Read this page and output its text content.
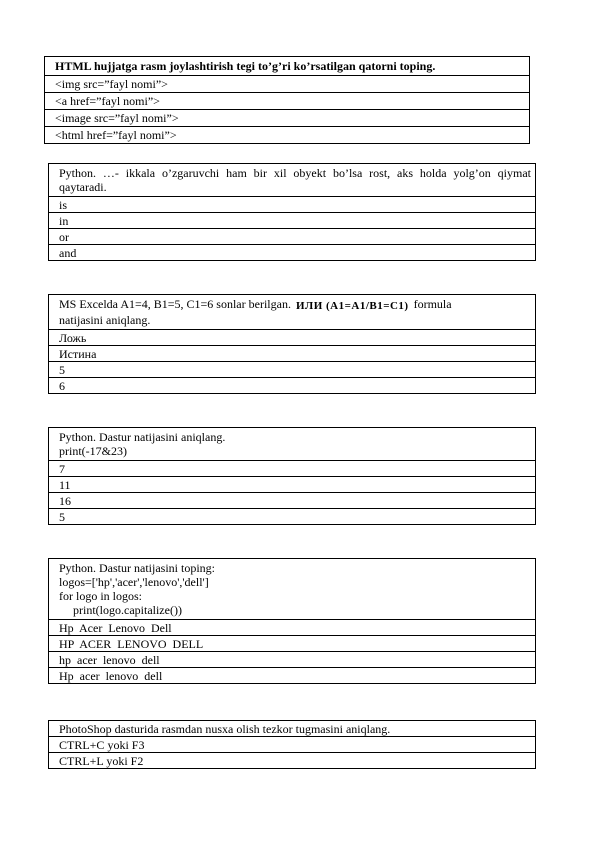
HTML hujjatga rasm joylashtirish tegi to’g’ri ko’rsatilgan qatorni toping.
<img src=”fayl nomi”>
<a href=”fayl nomi”>
<image src=”fayl nomi”>
<html href=”fayl nomi”>
Python. …- ikkala o’zgaruvchi ham bir xil obyekt bo’lsa rost, aks holda yolg’on qiymat qaytaradi.
is
in
or
and
MS Excelda A1=4, B1=5, C1=6 sonlar berilgan. ИЛИ (A1=A1/B1=C1) formula
natijasini aniqlang.

Ложь
Истина
5
6
Python. Dastur natijasini aniqlang.
print(-17&23)

7
11
16
5
Python. Dastur natijasini toping:
logos=['hp','acer','lenovo','dell']
for logo in logos:
print(logo.capitalize())

Hp  Acer  Lenovo  Dell
HP  ACER  LENOVO  DELL
hp  acer  lenovo  dell
Hp  acer  lenovo  dell
PhotoShop dasturida rasmdan nusxa olish tezkor tugmasini aniqlang.
CTRL+C yoki F3
CTRL+L yoki F2
